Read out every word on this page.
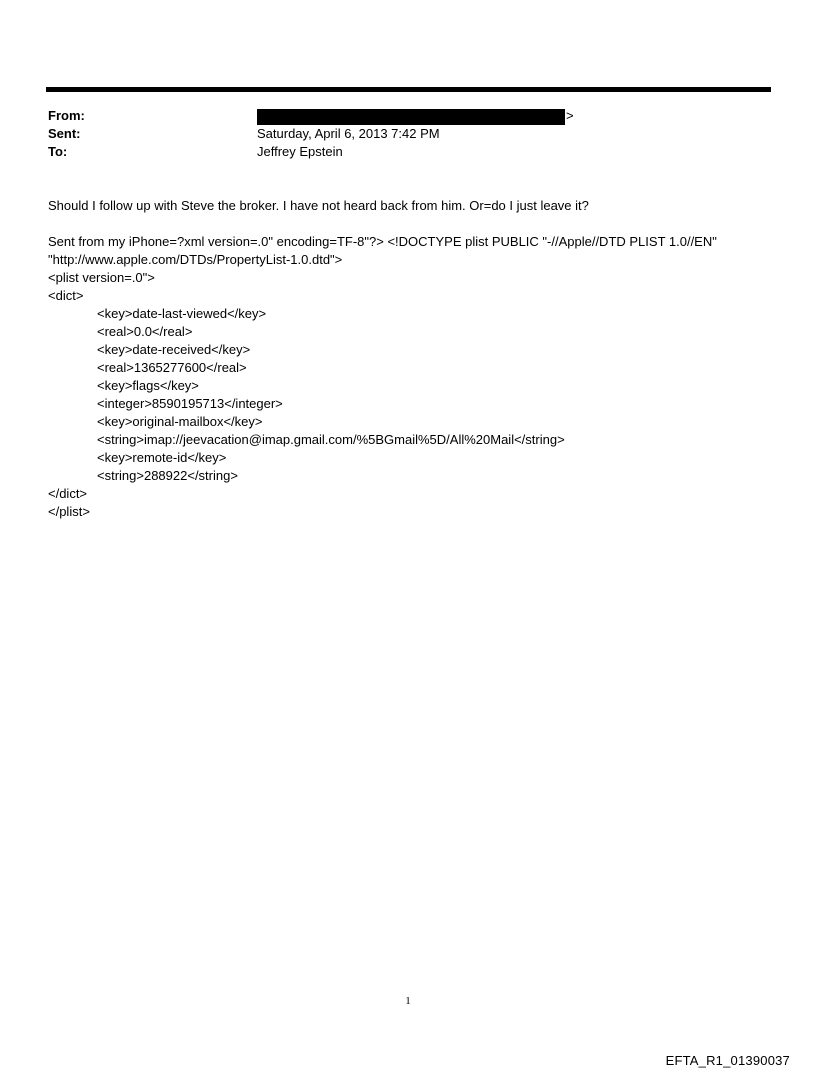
From:	>
Sent:	Saturday, April 6, 2013 7:42 PM
To:	Jeffrey Epstein
Should I follow up with Steve the broker. I have not heard back from him. Or=do I just leave it?
Sent from my iPhone=?xml version=.0" encoding=TF-8"?> <!DOCTYPE plist PUBLIC "-//Apple//DTD PLIST 1.0//EN"
"http://www.apple.com/DTDs/PropertyList-1.0.dtd">
<plist version=.0">
<dict>
<key>date-last-viewed</key>
<real>0.0</real>
<key>date-received</key>
<real>1365277600</real>
<key>flags</key>
<integer>8590195713</integer>
<key>original-mailbox</key>
<string>imap://jeevacation@imap.gmail.com/%5BGmail%5D/All%20Mail</string>
<key>remote-id</key>
<string>288922</string>
</dict>
</plist>
1
EFTA_R1_01390037
